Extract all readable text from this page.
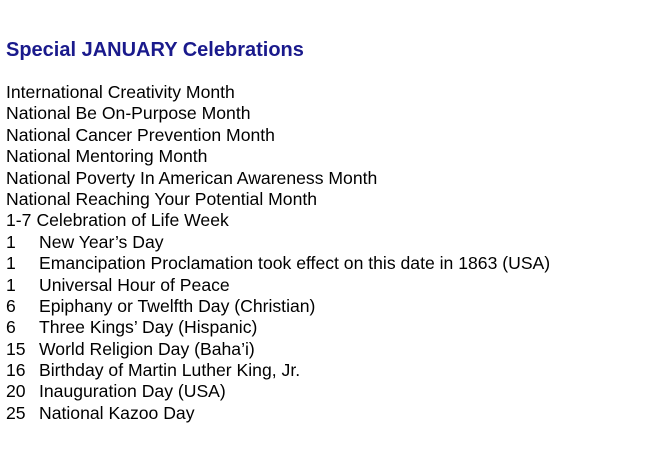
Special JANUARY Celebrations
International Creativity Month
National Be On-Purpose Month
National Cancer Prevention Month
National Mentoring Month
National Poverty In American Awareness Month
National Reaching Your Potential Month
1-7 Celebration of Life Week
1 New Year’s Day
1 Emancipation Proclamation took effect on this date in 1863 (USA)
1 Universal Hour of Peace
6 Epiphany or Twelfth Day (Christian)
6 Three Kings’ Day (Hispanic)
15 World Religion Day (Baha’i)
16 Birthday of Martin Luther King, Jr.
20 Inauguration Day (USA)
25 National Kazoo Day
